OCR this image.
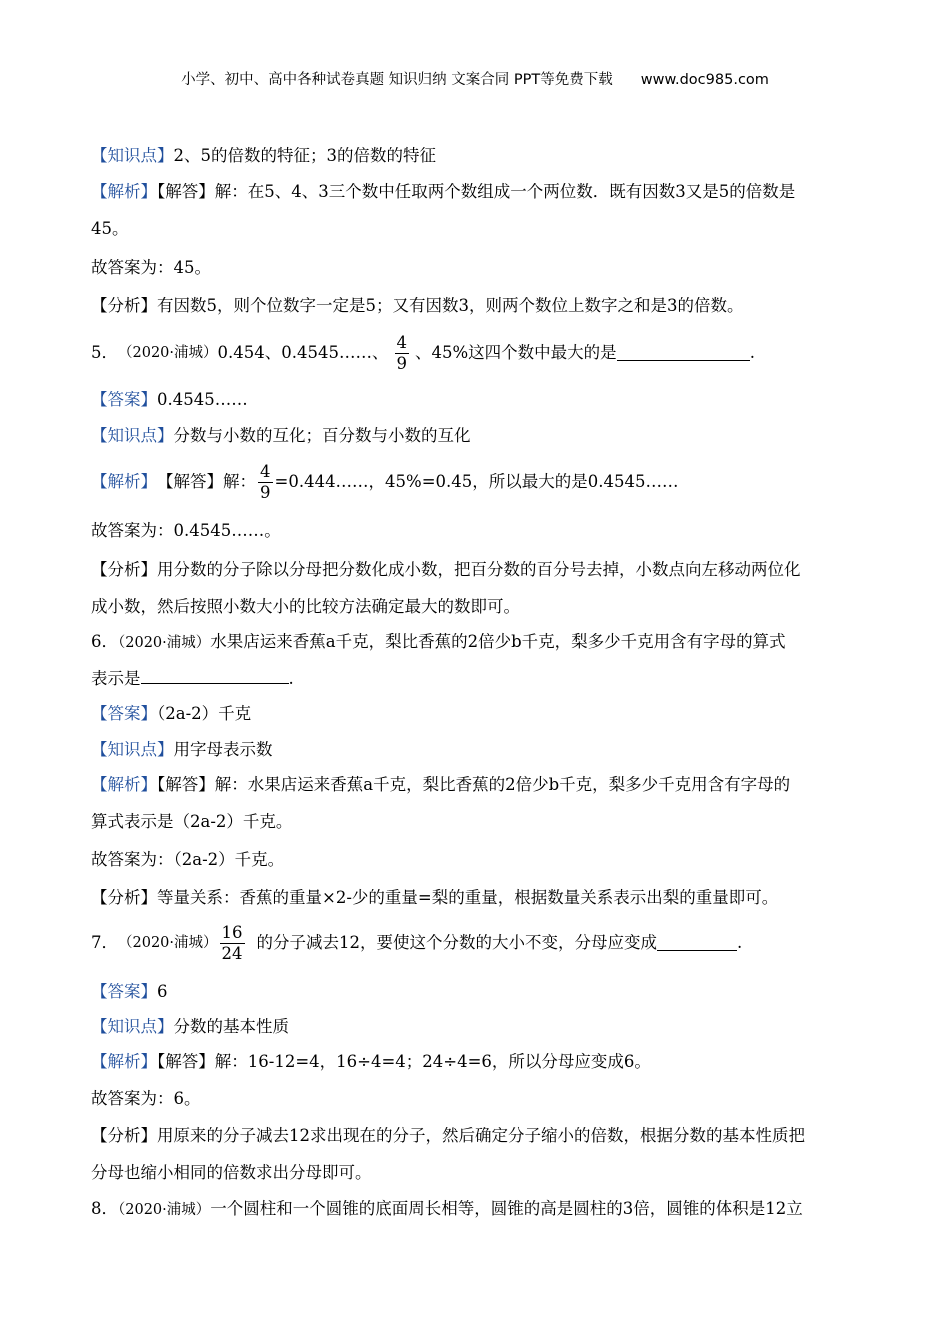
小学、初中、高中各种试卷真题 知识归纳 文案合同 PPT等免费下载 www.doc985.com
【知识点】2、5的倍数的特征；3的倍数的特征
【解析】【解答】解：在5、4、3三个数中任取两个数组成一个两位数．既有因数3又是5的倍数是
45。
故答案为：45。
【分析】有因数5，则个位数字一定是5；又有因数3，则两个数位上数字之和是3的倍数。
5． （2020·浦城） 0.454、0.4545……、 $\frac{4}{9}$ 、45%这四个数中最大的是	.
【答案】0.4545……
【知识点】分数与小数的互化；百分数与小数的互化
【解析】 【解答】解： $\frac{4}{9}$ =0.444……，45%=0.45，所以最大的是0.4545……
故答案为：0.4545……。
【分析】用分数的分子除以分母把分数化成小数，把百分数的百分号去掉，小数点向左移动两位化
成小数，然后按照小数大小的比较方法确定最大的数即可。
6．（2020·浦城）水果店运来香蕉a千克，梨比香蕉的2倍少b千克，梨多少千克用含有字母的算式
表示是	.
【答案】（2a-2）千克
【知识点】用字母表示数
【解析】【解答】解：水果店运来香蕉a千克，梨比香蕉的2倍少b千克，梨多少千克用含有字母的
算式表示是（2a-2）千克。
故答案为：（2a-2）千克。
【分析】等量关系：香蕉的重量×2-少的重量=梨的重量，根据数量关系表示出梨的重量即可。
7． （2020·浦城） $\frac{16}{24}$ 的分子减去12，要使这个分数的大小不变，分母应变成	.
【答案】6
【知识点】分数的基本性质
【解析】【解答】解：16-12=4，16÷4=4；24÷4=6，所以分母应变成6。
故答案为：6。
【分析】用原来的分子减去12求出现在的分子，然后确定分子缩小的倍数，根据分数的基本性质把
分母也缩小相同的倍数求出分母即可。
8．（2020·浦城）一个圆柱和一个圆锥的底面周长相等，圆锥的高是圆柱的3倍，圆锥的体积是12立
